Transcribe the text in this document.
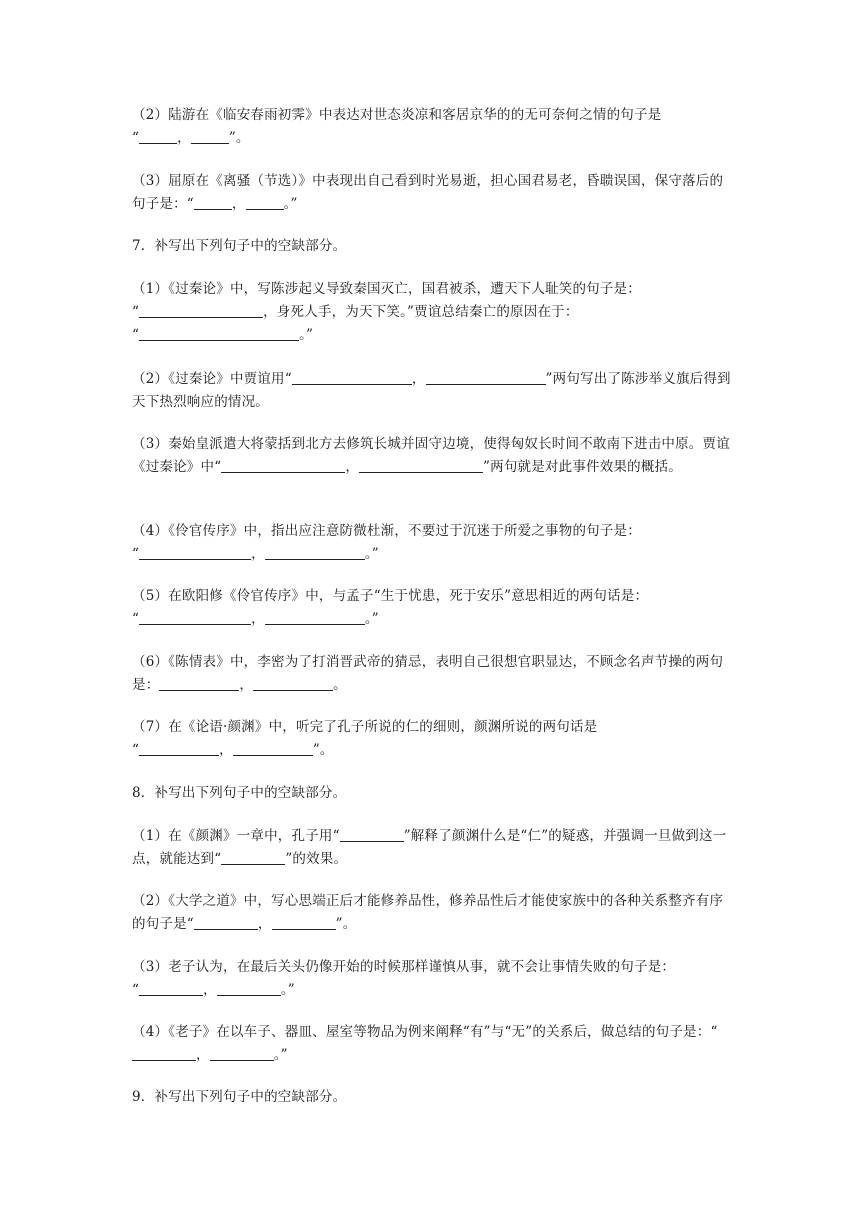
（2）陆游在《临安春雨初霁》中表达对世态炎凉和客居京华的的无可奈何之情的句子是
“	，	”。

（3）屈原在《离骚（节选）》中表现出自己看到时光易逝，担心国君易老，昏聩误国，保守落后的句子是：“	，	。”

7．补写出下列句子中的空缺部分。

（1）《过秦论》中，写陈涉起义导致秦国灭亡，国君被杀，遭天下人耻笑的句子是：
“	，身死人手，为天下笑。”贾谊总结秦亡的原因在于：
“	。”

（2）《过秦论》中贾谊用“	，	”两句写出了陈涉举义旗后得到天下热烈响应的情况。

（3）秦始皇派遣大将蒙括到北方去修筑长城并固守边境，使得匈奴长时间不敢南下进击中原。贾谊《过秦论》中“	，	”两句就是对此事件效果的概括。

（4）《伶官传序》中，指出应注意防微杜渐，不要过于沉迷于所爱之事物的句子是：
“	，	。”

（5）在欧阳修《伶官传序》中，与孟子“生于忧患，死于安乐”意思相近的两句话是：
“	，	。”

（6）《陈情表》中，李密为了打消晋武帝的猜忌，表明自己很想官职显达，不顾念名声节操的两句是：	，	。

（7）在《论语·颜渊》中，听完了孔子所说的仁的细则，颜渊所说的两句话是
“	，	”。

8．补写出下列句子中的空缺部分。

（1）在《颜渊》一章中，孔子用“	”解释了颜渊什么是“仁”的疑惑，并强调一旦做到这一点，就能达到“	”的效果。

（2）《大学之道》中，写心思端正后才能修养品性，修养品性后才能使家族中的各种关系整齐有序的句子是“	，	”。

（3）老子认为，在最后关头仍像开始的时候那样谨慎从事，就不会让事情失败的句子是：
“	，	。”

（4）《老子》在以车子、器皿、屋室等物品为例来阐释“有”与“无”的关系后，做总结的句子是：“，	。”

9．补写出下列句子中的空缺部分。
